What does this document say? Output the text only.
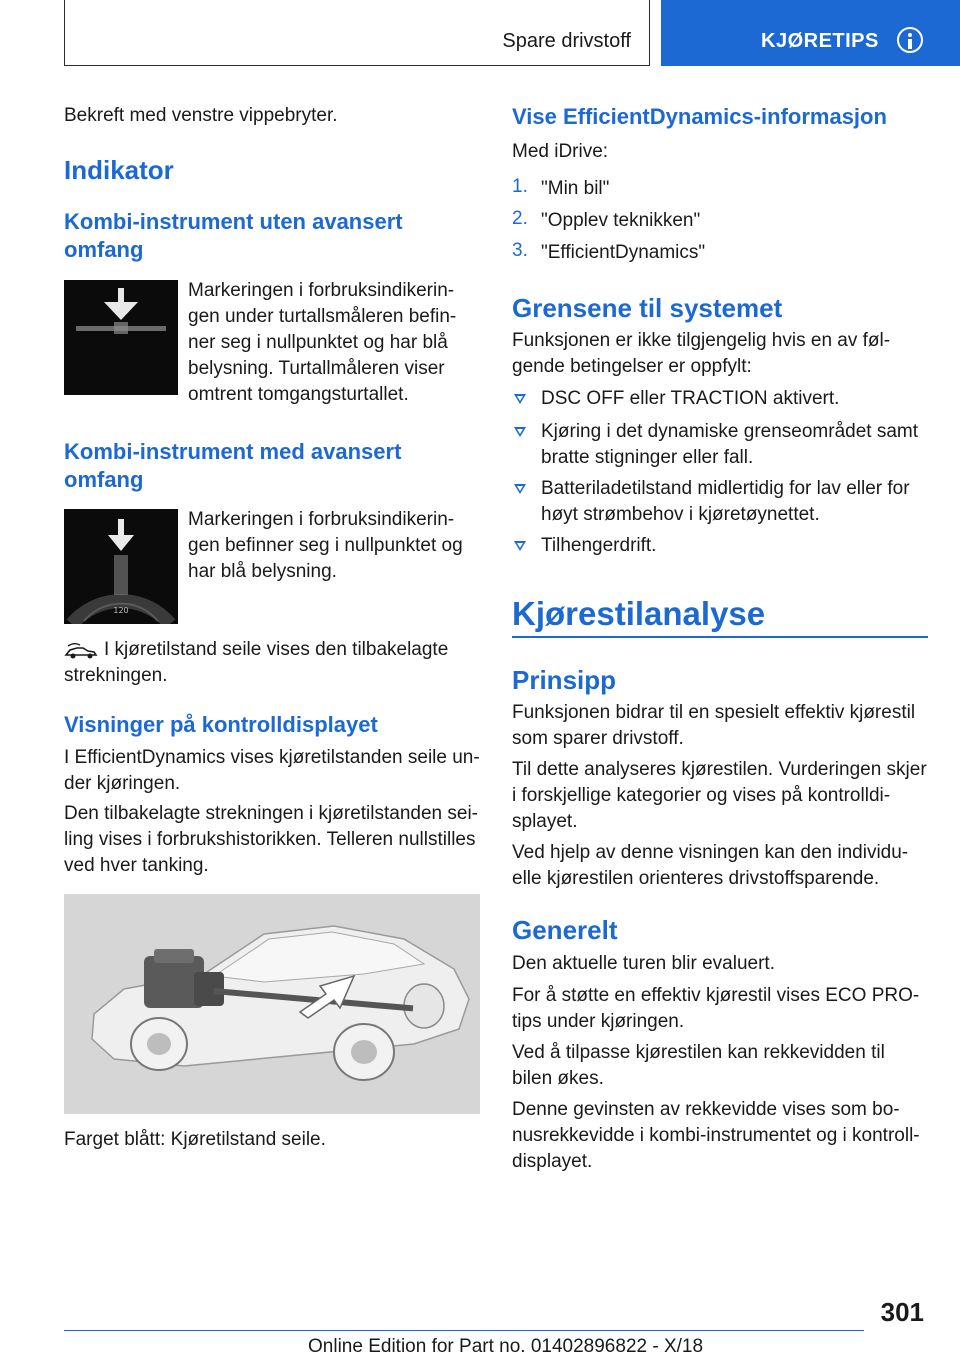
Spare drivstoff	KJØRETIPS
Bekreft med venstre vippebryter.
Indikator
Kombi-instrument uten avansert omfang
Markeringen i forbruksindikerin-gen under turtallsmåleren befin-ner seg i nullpunktet og har blå belysning. Turtallmåleren viser omtrent tomgangsturtallet.
Kombi-instrument med avansert omfang
120
Markeringen i forbruksindikerin-gen befinner seg i nullpunktet og har blå belysning.
I kjøretilstand seile vises den tilbakelagte strekningen.
Visninger på kontrolldisplayet
I EfficientDynamics vises kjøretilstanden seile un-der kjøringen.
Den tilbakelagte strekningen i kjøretilstanden sei-ling vises i forbrukshistorikken. Telleren nullstilles ved hver tanking.
Farget blått: Kjøretilstand seile.
Vise EfficientDynamics-informasjon
Med iDrive:
1. "Min bil"
2. "Opplev teknikken"
3. "EfficientDynamics"
Grensene til systemet
Funksjonen er ikke tilgjengelig hvis en av føl-gende betingelser er oppfylt:
DSC OFF eller TRACTION aktivert.
Kjøring i det dynamiske grenseområdet samt bratte stigninger eller fall.
Batteriladetilstand midlertidig for lav eller for høyt strømbehov i kjøretøynettet.
Tilhengerdrift.
Kjørestilanalyse
Prinsipp
Funksjonen bidrar til en spesielt effektiv kjørestil som sparer drivstoff.
Til dette analyseres kjørestilen. Vurderingen skjer i forskjellige kategorier og vises på kontrolldi-splayet.
Ved hjelp av denne visningen kan den individu-elle kjørestilen orienteres drivstoffsparende.
Generelt
Den aktuelle turen blir evaluert.
For å støtte en effektiv kjørestil vises ECO PRO-tips under kjøringen.
Ved å tilpasse kjørestilen kan rekkevidden til bilen økes.
Denne gevinsten av rekkevidde vises som bo-nusrekkevidde i kombi-instrumentet og i kontroll-displayet.
301
Online Edition for Part no. 01402896822 - X/18
